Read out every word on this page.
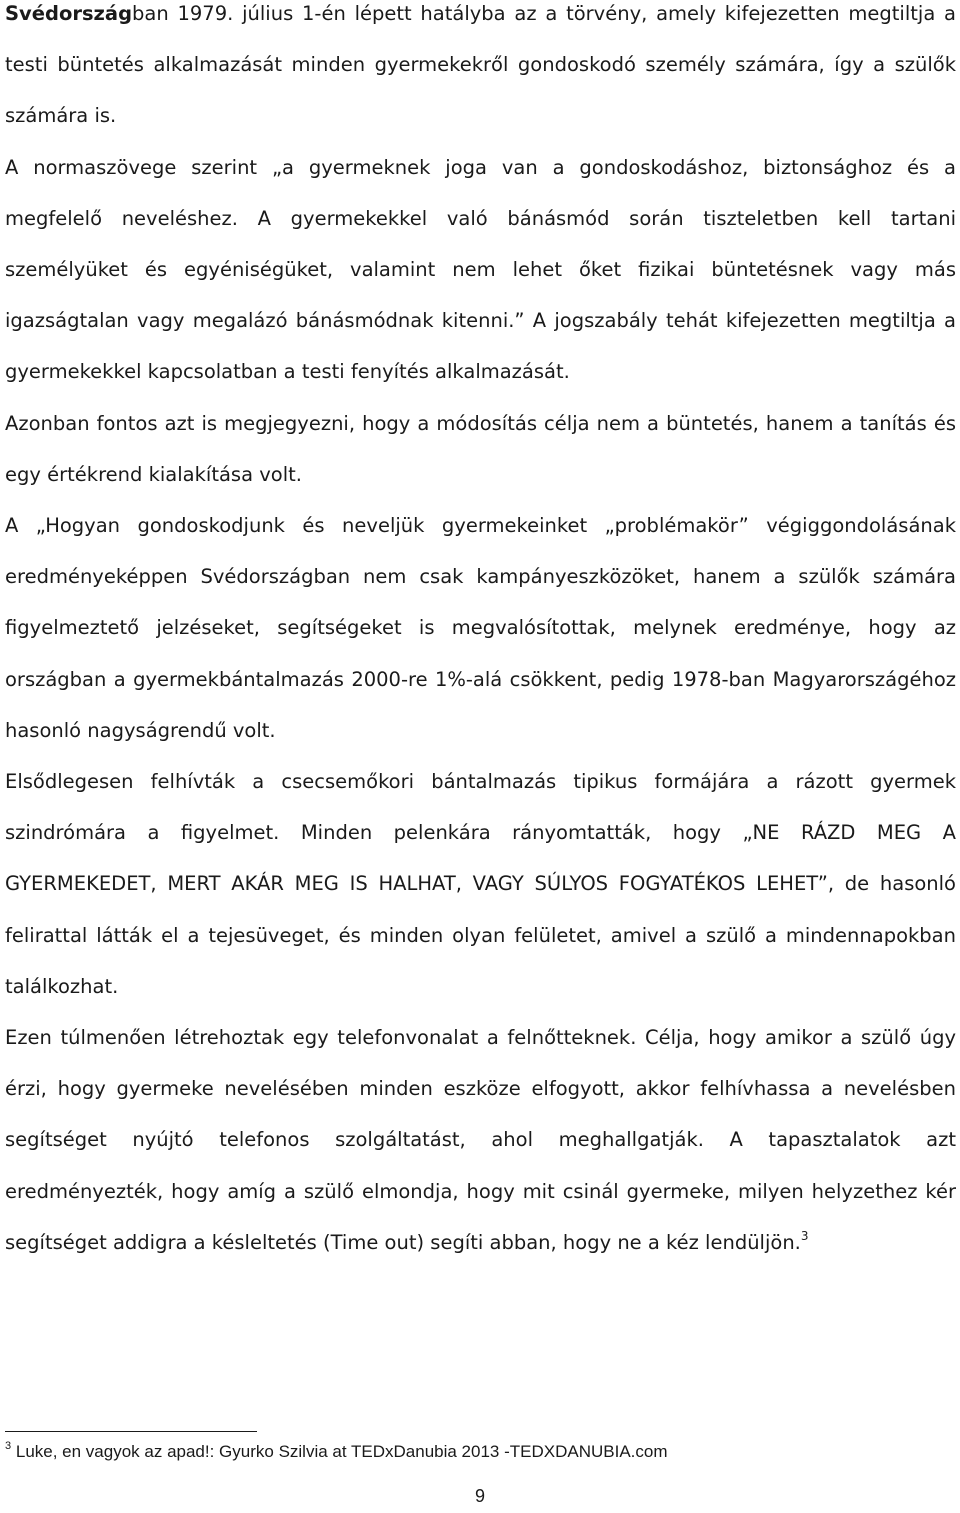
Svédországban 1979. július 1-én lépett hatályba az a törvény, amely kifejezetten megtiltja a testi büntetés alkalmazását minden gyermekekről gondoskodó személy számára, így a szülők számára is.

A normaszövege szerint „a gyermeknek joga van a gondoskodáshoz, biztonsághoz és a megfelelő neveléshez. A gyermekekkel való bánásmód során tiszteletben kell tartani személyüket és egyéniségüket, valamint nem lehet őket fizikai büntetésnek vagy más igazságtalan vagy megalázó bánásmódnak kitenni.” A jogszabály tehát kifejezetten megtiltja a gyermekekkel kapcsolatban a testi fenyítés alkalmazását.

Azonban fontos azt is megjegyezni, hogy a módosítás célja nem a büntetés, hanem a tanítás és egy értékrend kialakítása volt.

A „Hogyan gondoskodjunk és neveljük gyermekeinket „problémakör” végiggondolásának eredményeképpen Svédországban nem csak kampányeszközöket, hanem a szülők számára figyelmeztető jelzéseket, segítségeket is megvalósítottak, melynek eredménye, hogy az országban a gyermekbántalmazás 2000-re 1%-alá csökkent, pedig 1978-ban Magyarországéhoz hasonló nagyságrendű volt.

Elsődlegesen felhívták a csecsemőkori bántalmazás tipikus formájára a rázott gyermek szindrómára a figyelmet. Minden pelenkára rányomtatták, hogy „NE RÁZD MEG A GYERMEKEDET, MERT AKÁR MEG IS HALHAT, VAGY SÚLYOS FOGYATÉKOS LEHET”, de hasonló felirattal látták el a tejesüveget, és minden olyan felületet, amivel a szülő a mindennapokban találkozhat.

Ezen túlmenően létrehoztak egy telefonvonalat a felnőtteknek. Célja, hogy amikor a szülő úgy érzi, hogy gyermeke nevelésében minden eszköze elfogyott, akkor felhívhassa a nevelésben segítséget nyújtó telefonos szolgáltatást, ahol meghallgatják. A tapasztalatok azt eredményezték, hogy amíg a szülő elmondja, hogy mit csinál gyermeke, milyen helyzethez kér segítséget addigra a késleltetés (Time out) segíti abban, hogy ne a kéz lendüljön.$^3$

$^3$ Luke, en vagyok az apad!: Gyurko Szilvia at TEDxDanubia 2013 -TEDXDANUBIA.com
9
